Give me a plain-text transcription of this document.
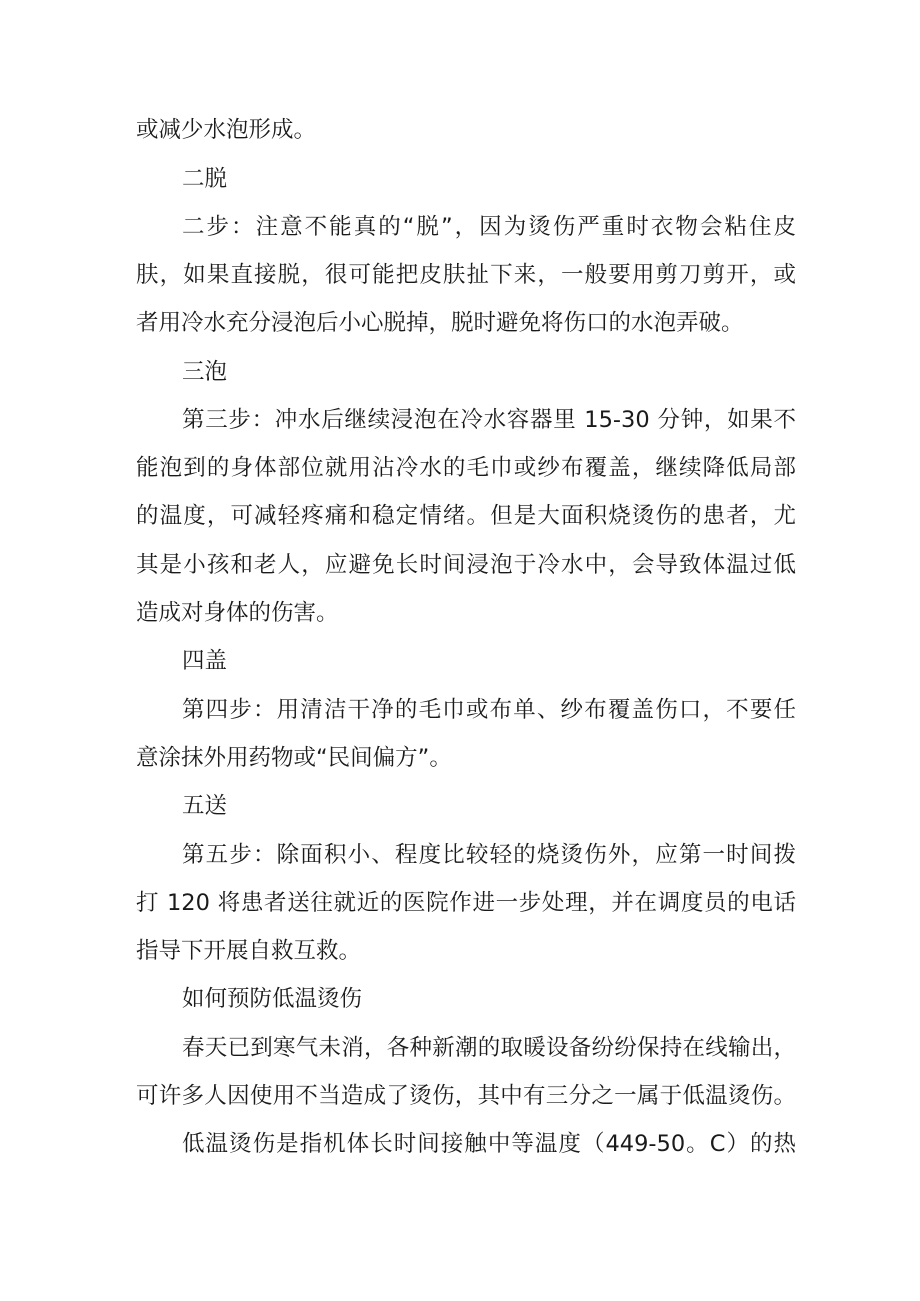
或减少水泡形成。
二脱
二步：注意不能真的“脱”，因为烫伤严重时衣物会粘住皮
肤，如果直接脱，很可能把皮肤扯下来，一般要用剪刀剪开，或
者用冷水充分浸泡后小心脱掉，脱时避免将伤口的水泡弄破。
三泡
第三步：冲水后继续浸泡在冷水容器里 15-30 分钟，如果不
能泡到的身体部位就用沾冷水的毛巾或纱布覆盖，继续降低局部
的温度，可减轻疼痛和稳定情绪。但是大面积烧烫伤的患者，尤
其是小孩和老人，应避免长时间浸泡于冷水中，会导致体温过低
造成对身体的伤害。
四盖
第四步：用清洁干净的毛巾或布单、纱布覆盖伤口，不要任
意涂抹外用药物或“民间偏方”。
五送
第五步：除面积小、程度比较轻的烧烫伤外，应第一时间拨
打 120 将患者送往就近的医院作进一步处理，并在调度员的电话
指导下开展自救互救。
如何预防低温烫伤
春天已到寒气未消，各种新潮的取暖设备纷纷保持在线输出，
可许多人因使用不当造成了烫伤，其中有三分之一属于低温烫伤。
低温烫伤是指机体长时间接触中等温度（449-50。C）的热
